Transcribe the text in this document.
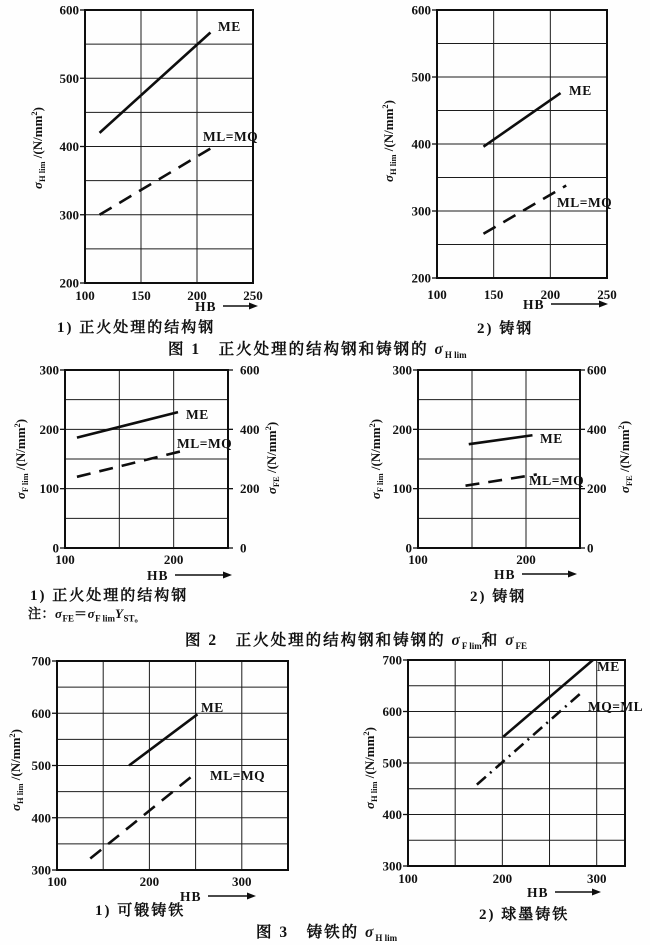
200
300
400
500
600
100	150	200	250
ME
ML=MQ
HB
$\sigma_{H lim}$ $/(N/mm^2)$
200
300
400
500
600
100	150	200	250
ME
ML=MQ
HB
$\sigma_{H lim}$ $/(N/mm^2)$
0
100
200
300
0
200
400
600
$\sigma_{FE}$ $/(N/mm^2)$
100	200
ME
ML=MQ
HB
$\sigma_{F lim}$ $/(N/mm^2)$
0
100
200
300
0
200
400
600
$\sigma_{FE}$ $/(N/mm^2)$
100	200
ME
ML=MQ
HB
$\sigma_{F lim}$ $/(N/mm^2)$
300
400
500
600
700
100	200	300
ME
ML=MQ
HB
$\sigma_{H lim}$ $/(N/mm^2)$
300
400
500
600
700
100	200	300
ME
MQ=ML
HB
$\sigma_{H lim}$ $/(N/mm^2)$
1) 正火处理的结构钢	2) 铸钢
1) 正火处理的结构钢	2) 铸钢
1) 可锻铸铁	2) 球墨铸铁
图 1　正火处理的结构钢和铸钢的 $\sigma_{H lim}$
注：$\sigma_{FE}=\sigma_{F lim}Y_{ST。}$
图 2　正火处理的结构钢和铸钢的 $\sigma_{F lim}$和 $\sigma_{FE}$
图 3　铸铁的 $\sigma_{H lim}$
